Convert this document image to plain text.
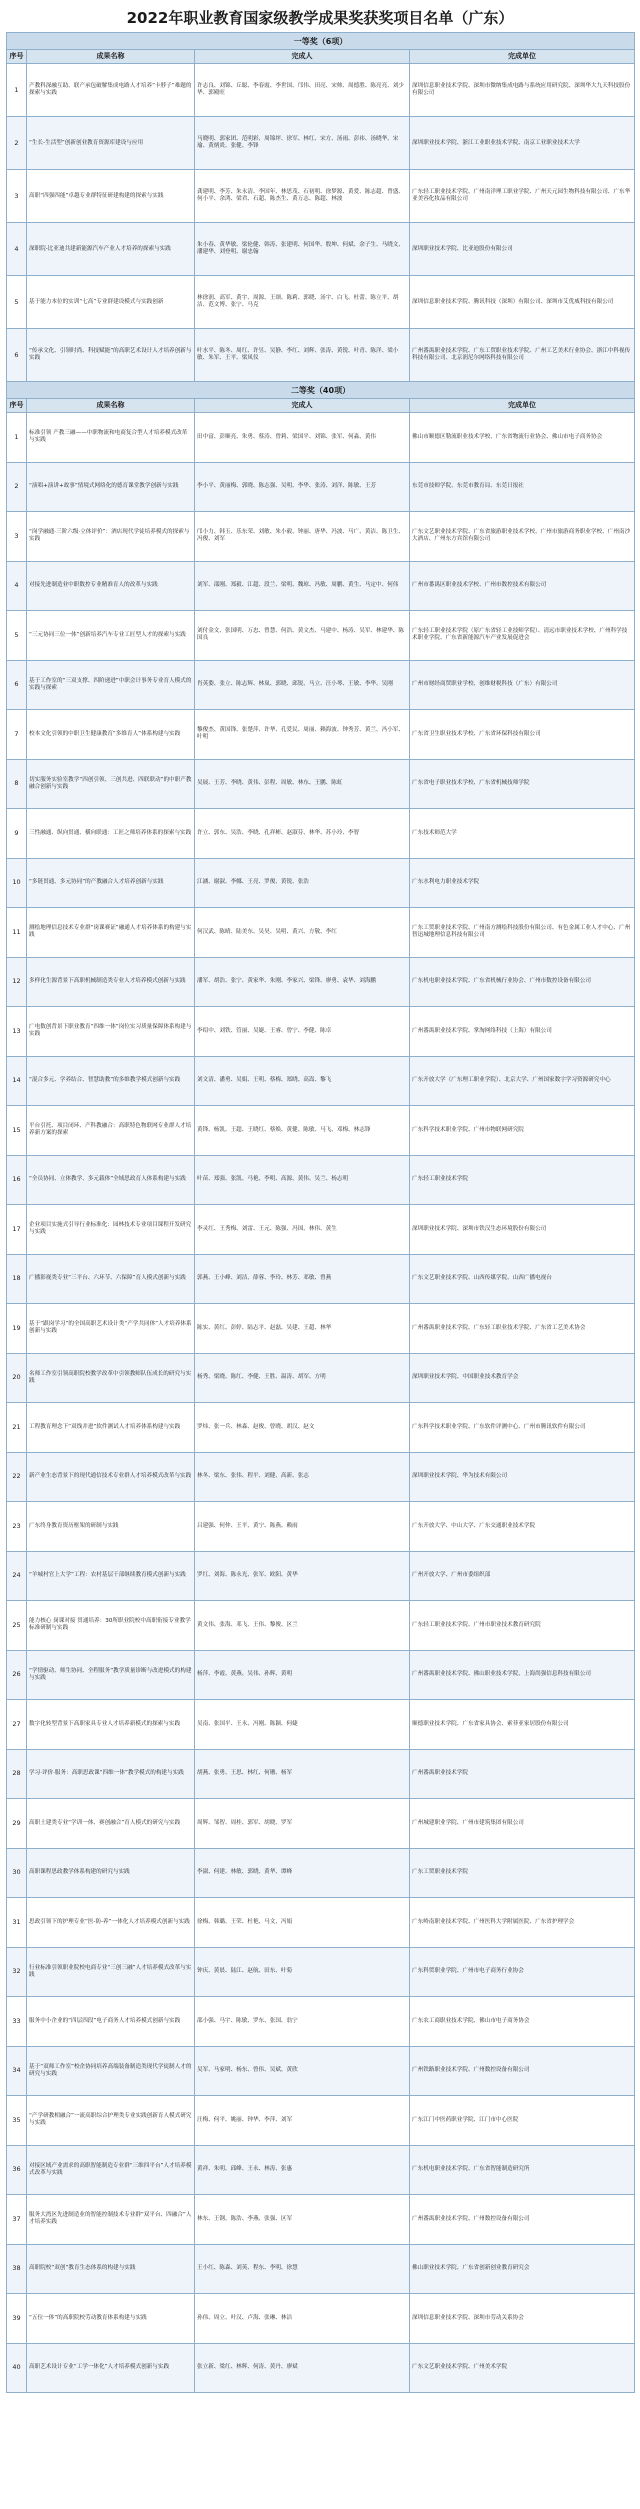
2022年职业教育国家级教学成果奖获奖项目名单（广东）
一等奖（6项）			
序号	成果名称	完成人	完成单位
1	产教科深融互助、联产承包破解集成电路人才培养“卡脖子”难题的探索与实践	许志良、刘锦、丘聪、李春霞、李世国、邝伟、田亮、宋帅、周德胜、陈亮亮、刘少华、郭殿旺	深圳信息职业技术学院、深圳市微纳集成电路与系统应用研究院、深圳华大九天科技股份有限公司
2	“生长-生活型”创新创业教育资源库建设与应用	马晓明、郭家团、范明彩、周锦坪、徐军、林红、宋方、汤雨、彭祎、汤晓华、宋瑜、黄炳炎、张健、李锋	深圳职业技术学院、浙江工业职业技术学院、南京工业职业技术大学
3	高职“四强四能”卓越专业群特征研建构建的探索与实践	龚建明、李芳、朱永清、李国年、林思茂、石初明、徐梦源、黄爱、陈志超、曾盛、何小平、余鸿、梁君、石超、陈杰生、黄万志、陈超、林波	广东轻工职业技术学院、广州南洋理工职业学院、广州天元园生物科技有限公司、广东华亚美容化妆品有限公司
4	深职院-比亚迪共建新能源汽车产业人才培养的探索与实践	朱小春、黄华敏、梁伦健、韩涛、张建明、何国华、殷坤、何斌、余子生、马晓文、潘建华、刘登明、谢忠翰	深圳职业技术学院、比亚迪股份有限公司
5	基于能力本位的实训“七高”专业群建设模式与实践创新	林徐润、高军、黄宇、周源、王颂、陈莉、郭晓、汤宇、白飞、杜蕾、陈立平、胡洁、范文博、张宁、马克	深圳信息职业技术学院、腾讯科技（深圳）有限公司、深圳市艾优威科技有限公司
6	“传承文化、引领时尚、科技赋能”的高职艺术设计人才培养创新与实践	叶水平、陈冬、周红、许昱、吴静、李红、刘辉、张涛、黄锐、叶青、陈洋、梁小敏、朱军、王平、梁凤仪	广州番禺职业技术学院、广东工贸职业技术学院、广州工艺美术行业协会、浙江中科视传科技有限公司、北京润尼尔网络科技有限公司
二等奖（40项）			
序号	成果名称	完成人	完成单位
1	标准引领 产教三融——中职物流和电商复合型人才培养模式改革与实践	田中富、彭顺亮、朱勇、蔡涛、曾莉、梁国平、刘锦、张军、何淼、黄伟	佛山市顺德区勒流职业技术学校、广东省物流行业协会、佛山市电子商务协会
2	“演唱+演讲+故事”情境式网络化的德育课堂教学创新与实践	李小平、黄丽梅、郭晓、陈志强、吴明、李华、张涛、刘洋、陈敏、王芳	东莞市技师学院、东莞市教育局、东莞日报社
3	“岗学融通·三阶六级·立体评价”：酒店现代学徒培养模式的探索与实践	邝小力、韩玉、乐东荣、刘敏、朱小毅、钟丽、唐华、冯波、马广、黄洁、陈卫生、冯俊、刘军	广东文艺职业技术学院、广东省旅游职业技术学校、广州市旅游商务职业学校、广州南沙大酒店、广州东方宾馆有限公司
4	对接先进制造业中职数控专业精准育人的改革与实践	刘军、邵刚、郑毅、江超、段兰、梁明、魏琼、冯敏、周鹏、黄生、马定中、何伟	广州市番禺区职业技术学校、广州市数控技术有限公司
5	“三元协同三位一体”创新培养汽车专业工匠型人才的探索与实践	刘付金文、张国明、万忠、曾慧、何浩、黄文杰、马建中、杨涛、吴军、林建华、陈国良	广东轻工职业技术学院（原广东省轻工业技师学院）、清远市职业技术学校、广州科学技术职业学院、广东省新能源汽车产业发展促进会
6	基于工作室的“三双支撑、四阶递进”中职会计事务专业育人模式的实践与探索	肖英姿、张立、陈志辉、林岚、郭晓、邱锐、马立、汪小琴、王敏、李华、吴刚	广州市财经商贸职业学校、创维财税科技（广东）有限公司
7	校本文化引领的中职卫生健康教育“多维育人”体系构建与实践	黎俊杰、黄国锋、张楚萍、许华、孔爱民、周丽、赖海波、钟秀芳、黄兰、冯小军、叶明	广东省卫生职业技术学校、广东省环保科技有限公司
8	切实服务实验室教学“四创引领、三创共进、四联联动”的中职产教融合创新与实践	吴展、王芳、李晓、黄伟、彭程、周敏、林东、王鹏、陈虹	广东省电子职业技术学校、广东省机械技师学院
9	三性融通、纵向贯通、横向联通：工匠之师培养体系的探索与实践	许立、郭东、吴浩、李晓、孔祥彬、赵淑芬、林华、苏小玲、李智	广东技术师范大学
10	“多链贯通、多元协同”的产教融合人才培养创新与实践	江涵、谢淑、李娜、王亮、罗俊、黄锐、张浩	广东水利电力职业技术学院
11	测绘地理信息技术专业群“岗课赛证”融通人才培养体系的构建与实践	何汉武、陈晴、陆美东、吴昊、吴明、黄兴、方敬、李红	广东工贸职业技术学院、广州南方测绘科技股份有限公司、有色金属工业人才中心、广州智迅城地理信息科技有限公司
12	多样化生源背景下高职机械制造类专业人才培养模式创新与实践	潘军、胡浩、张宁、黄家华、朱刚、李家兴、梁锋、廖勇、袁华、刘海鹏	广东机电职业技术学院、广东省机械行业协会、广州市数控设备有限公司
13	广电数创背景下职业教育“四维一体”岗位实习质量保障体系构建与实践	李绍中、刘铁、管丽、吴婕、王睿、曾宁、李健、陈卓	广州番禺职业技术学院、掌淘网络科技（上海）有限公司
14	“混合多元、学养结合、智慧助教”的多维教学模式创新与实践	刘文清、潘勇、吴娟、王明、蔡梅、郑晓、高嵩、黎飞	广东开放大学（广东理工职业学院）、北京大学、广州国家数字学习资源研究中心
15	平台引托、项目闭环、产科教融合：高职特色物联网专业群人才培养新方案的探索	黄锋、杨凯、王超、王晓红、蔡焕、黄健、陈敏、马飞、邓梅、林志锋	广东科学技术职业学院、广州市物联网研究院
16	“全员协同、立体教学、多元载体”全域思政育人体系构建与实践	叶苗、郑强、张凯、马艳、李明、高源、黄伟、吴兰、杨志明	广东轻工职业技术学院
17	企业项目实施式引导行业标准化：园林技术专业项目课程开发研究与实践	李灵红、王秀梅、刘雷、王元、陈强、冯国、林伟、黄生	深圳职业技术学院、深圳市铁汉生态环境股份有限公司
18	广播影视类专业“三平台、六环节、六保障”育人模式创新与实践	郭燕、王小峰、刘洁、薛蓉、李玲、林芳、邓敏、曾燕	广东文艺职业技术学院、山西传媒学院、山西广播电视台
19	基于“跟岗学习”的全国高职艺术设计类“产学共同体”人才培养体系创新与实践	陈实、黄红、彭婷、陆志平、赵磊、吴建、王超、林华	广州番禺职业技术学院、广东轻工职业技术学院、广东省工艺美术协会
20	名师工作室引领高职院校教学改革中引领教师队伍成长的研究与实践	杨秀、梁晓、陈红、李健、王胜、温涛、胡军、方明	深圳职业技术学院、中国职业技术教育学会
21	工程教育理念下“双线并进”软件测试人才培养体系构建与实践	罗炜、张一兵、林森、赵俊、曾晓、胡汉、赵文	广东科学技术职业学院、广东软件评测中心、广州市腾讯软件有限公司
22	新产业生态背景下的现代通信技术专业群人才培养模式改革与实践	林冬、梁东、张伟、程平、刘健、高新、张志	深圳职业技术学院、华为技术有限公司
23	广东终身教育资历框架的研制与实践	吕建强、何仲、王平、黄宁、陈燕、赖雨	广东开放大学、中山大学、广东交通职业技术学院
24	“羊城村官上大学”工程：农村基层干部继续教育模式创新与实践	罗红、刘海、陈永光、张军、欧阳、黄华	广州开放大学、广州市委组织部
25	能力核心 岗课对接 贯通培养：30所职业院校中高职衔接专业教学标准研制与实践	黄文伟、张海、邓飞、王伟、黎俊、区兰	广东轻工职业技术学院、广州市职业技术教育研究院
26	“学情驱动、师生协同、全程服务”教学质量诊断与改进模式的构建与实践	杨萍、李霞、黄燕、吴伟、孙辉、黄明	广州番禺职业技术学院、佛山职业技术学院、上海尚强信息科技有限公司
27	数字化转型背景下高职家具专业人才培养新模式的探索与实践	吴南、张国平、王永、冯刚、陈颖、何婕	顺德职业技术学院、广东省家具协会、索菲亚家居股份有限公司
28	学习·评价·服务：高职思政课“四维一体”教学模式的构建与实践	胡燕、张勇、王思、林红、何珊、杨军	广州番禺职业技术学院
29	高职土建类专业“学训一体、赛创融合”育人模式的研究与实践	周辉、邹智、周桂、郭军、胡晓、罗军	广州城建职业学院、广州市建筑集团有限公司
30	高职课程思政教学体系构建的研究与实践	李淑、何建、林敏、郭晓、黄华、谭峰	广东工贸职业技术学院
31	思政引领下的护理专业“医-防-养”一体化人才培养模式创新与实践	徐梅、韩璐、王荣、杜艳、马文、冯娟	广东岭南职业技术学院、广州医科大学附属医院、广东省护理学会
32	行业标准引领职业院校电商专业“三创三融”人才培养模式改革与实践	钟庆、黄晨、陆江、赵航、田东、叶菊	广东科贸职业学院、广州市电子商务行业协会
33	服务中小企业的“四层四段”电子商务人才培养模式创新与实践	邵小强、马宇、陈敏、罗东、张国、翁宁	广东农工商职业技术学院、佛山市电子商务协会
34	基于“双师工作室”校企协同培养高端装备制造类现代学徒制人才的研究与实践	吴军、马家明、杨东、曾伟、吴斌、黄欣	广州铁路职业技术学院、广州数控设备有限公司
35	“产学研教相融合”一流高职综合护理类专业实践创新育人模式研究与实践	汪梅、何平、姚丽、钟华、李萍、刘军	广东江门中医药职业学院、江门市中心医院
36	对接区域产业需求的高职智能制造专业群“三维四平台”人才培养模式改革与实践	黄祥、朱明、邱峰、王永、林涛、张惠	广东机电职业技术学院、广东省智能制造研究所
37	服务大湾区先进制造业的智能控制技术专业群“双平台、四融合”人才培养实践	林东、王钢、陈浩、李燕、张强、区军	广州番禺职业技术学院、广州数控设备有限公司
38	高职院校“双创”教育生态体系的构建与实践	王小红、陈森、刘英、程东、李明、徐慧	佛山职业技术学院、广东省创新创业教育研究会
39	“五位一体”的高职院校劳动教育体系构建与实践	孙伟、周立、叶汉、卢海、张琳、林洁	深圳信息职业技术学院、深圳市劳动关系协会
40	高职艺术设计专业“工学一体化”人才培养模式创新与实践	张立新、梁红、林辉、何涛、黄丹、廖斌	广东文艺职业技术学院、广州美术学院
